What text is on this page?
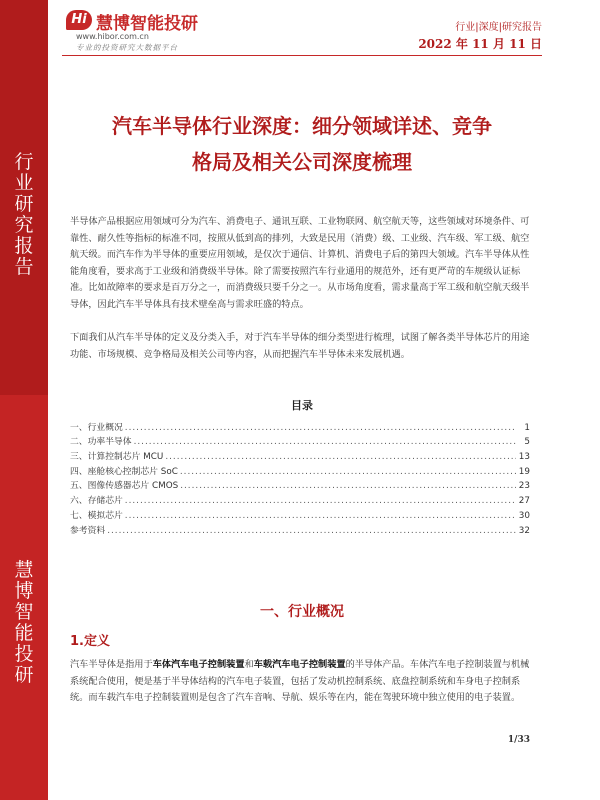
行
业
研
究
报
告
慧
博
智
能
投
研
Hi 慧博智能投研
www.hibor.com.cn
专业的投资研究大数据平台
行业|深度|研究报告
2022 年 11 月 11 日
汽车半导体行业深度：细分领域详述、竞争
格局及相关公司深度梳理
半导体产品根据应用领域可分为汽车、消费电子、通讯互联、工业物联网、航空航天等，这些领域对环境条件、可靠性、耐久性等指标的标准不同，按照从低到高的排列，大致是民用（消费）级、工业级、汽车级、军工级、航空航天级。而汽车作为半导体的重要应用领域，是仅次于通信、计算机、消费电子后的第四大领域。汽车半导体从性能角度看，要求高于工业级和消费级半导体。除了需要按照汽车行业通用的规范外，还有更严苛的车规级认证标准。比如故障率的要求是百万分之一，而消费级只要千分之一。从市场角度看，需求量高于军工级和航空航天级半导体，因此汽车半导体具有技术壁垒高与需求旺盛的特点。
下面我们从汽车半导体的定义及分类入手，对于汽车半导体的细分类型进行梳理，试图了解各类半导体芯片的用途功能、市场规模、竞争格局及相关公司等内容，从而把握汽车半导体未来发展机遇。
目录
一、行业概况 .....	1
二、功率半导体 .....	5
三、计算控制芯片 MCU .....	13
四、座舱核心控制芯片 SoC .....	19
五、图像传感器芯片 CMOS .....	23
六、存储芯片 .....	27
七、模拟芯片 .....	30
参考资料 .....	32
一、行业概况
1.定义
汽车半导体是指用于车体汽车电子控制装置和车载汽车电子控制装置的半导体产品。车体汽车电子控制装置与机械系统配合使用，便是基于半导体结构的汽车电子装置，包括了发动机控制系统、底盘控制系统和车身电子控制系统。而车载汽车电子控制装置则是包含了汽车音响、导航、娱乐等在内，能在驾驶环境中独立使用的电子装置。
1/33
